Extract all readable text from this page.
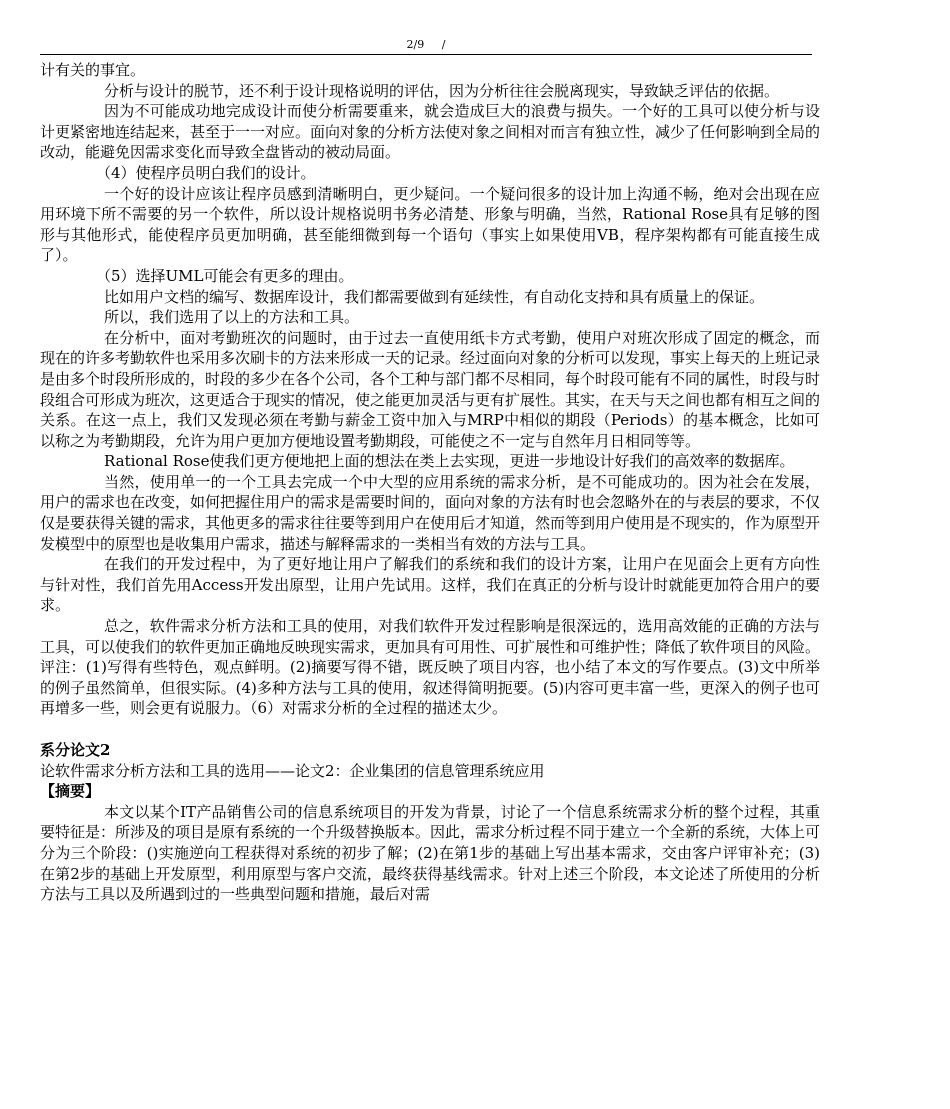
2/9 /

计有关的事宜。

分析与设计的脱节，还不利于设计现格说明的评估，因为分析往往会脱离现实，导致缺乏评估的依据。

因为不可能成功地完成设计而使分析需要重来，就会造成巨大的浪费与损失。一个好的工具可以使分析与设计更紧密地连结起来，甚至于一一对应。面向对象的分析方法使对象之间相对而言有独立性，减少了任何影响到全局的改动，能避免因需求变化而导致全盘皆动的被动局面。

（4）使程序员明白我们的设计。

一个好的设计应该让程序员感到清晰明白，更少疑问。一个疑问很多的设计加上沟通不畅，绝对会出现在应用环境下所不需要的另一个软件，所以设计规格说明书务必清楚、形象与明确，当然，Rational Rose具有足够的图形与其他形式，能使程序员更加明确，甚至能细微到每一个语句（事实上如果使用VB，程序架构都有可能直接生成了）。

（5）选择UML可能会有更多的理由。

比如用户文档的编写、数据库设计，我们都需要做到有延续性，有自动化支持和具有质量上的保证。

所以，我们选用了以上的方法和工具。

在分析中，面对考勤班次的问题时，由于过去一直使用纸卡方式考勤，使用户对班次形成了固定的概念，而现在的许多考勤软件也采用多次刷卡的方法来形成一天的记录。经过面向对象的分析可以发现，事实上每天的上班记录是由多个时段所形成的，时段的多少在各个公司，各个工种与部门都不尽相同，每个时段可能有不同的属性，时段与时段组合可形成为班次，这更适合于现实的情况，使之能更加灵活与更有扩展性。其实，在天与天之间也都有相互之间的关系。在这一点上，我们又发现必须在考勤与薪金工资中加入与MRP中相似的期段（Periods）的基本概念，比如可以称之为考勤期段，允许为用户更加方便地设置考勤期段，可能使之不一定与自然年月日相同等等。

Rational Rose使我们更方便地把上面的想法在类上去实现，更进一步地设计好我们的高效率的数据库。

当然，使用单一的一个工具去完成一个中大型的应用系统的需求分析，是不可能成功的。因为社会在发展，用户的需求也在改变，如何把握住用户的需求是需要时间的，面向对象的方法有时也会忽略外在的与表层的要求，不仅仅是要获得关键的需求，其他更多的需求往往要等到用户在使用后才知道，然而等到用户使用是不现实的，作为原型开发模型中的原型也是收集用户需求，描述与解释需求的一类相当有效的方法与工具。

在我们的开发过程中，为了更好地让用户了解我们的系统和我们的设计方案，让用户在见面会上更有方向性与针对性，我们首先用Access开发出原型，让用户先试用。这样，我们在真正的分析与设计时就能更加符合用户的要求。

总之，软件需求分析方法和工具的使用，对我们软件开发过程影响是很深远的，选用高效能的正确的方法与工具，可以使我们的软件更加正确地反映现实需求，更加具有可用性、可扩展性和可维护性；降低了软件项目的风险。

评注：(1)写得有些特色，观点鲜明。(2)摘要写得不错，既反映了项目内容，也小结了本文的写作要点。(3)文中所举的例子虽然简单，但很实际。(4)多种方法与工具的使用，叙述得简明扼要。(5)内容可更丰富一些，更深入的例子也可再增多一些，则会更有说服力。（6）对需求分析的全过程的描述太少。

系分论文2

论软件需求分析方法和工具的选用——论文2：企业集团的信息管理系统应用

【摘要】

本文以某个IT产品销售公司的信息系统项目的开发为背景，讨论了一个信息系统需求分析的整个过程，其重要特征是：所涉及的项目是原有系统的一个升级替换版本。因此，需求分析过程不同于建立一个全新的系统，大体上可分为三个阶段：()实施逆向工程获得对系统的初步了解；(2)在第1步的基础上写出基本需求，交由客户评审补充；(3)在第2步的基础上开发原型，利用原型与客户交流，最终获得基线需求。针对上述三个阶段，本文论述了所使用的分析方法与工具以及所遇到过的一些典型问题和措施，最后对需
